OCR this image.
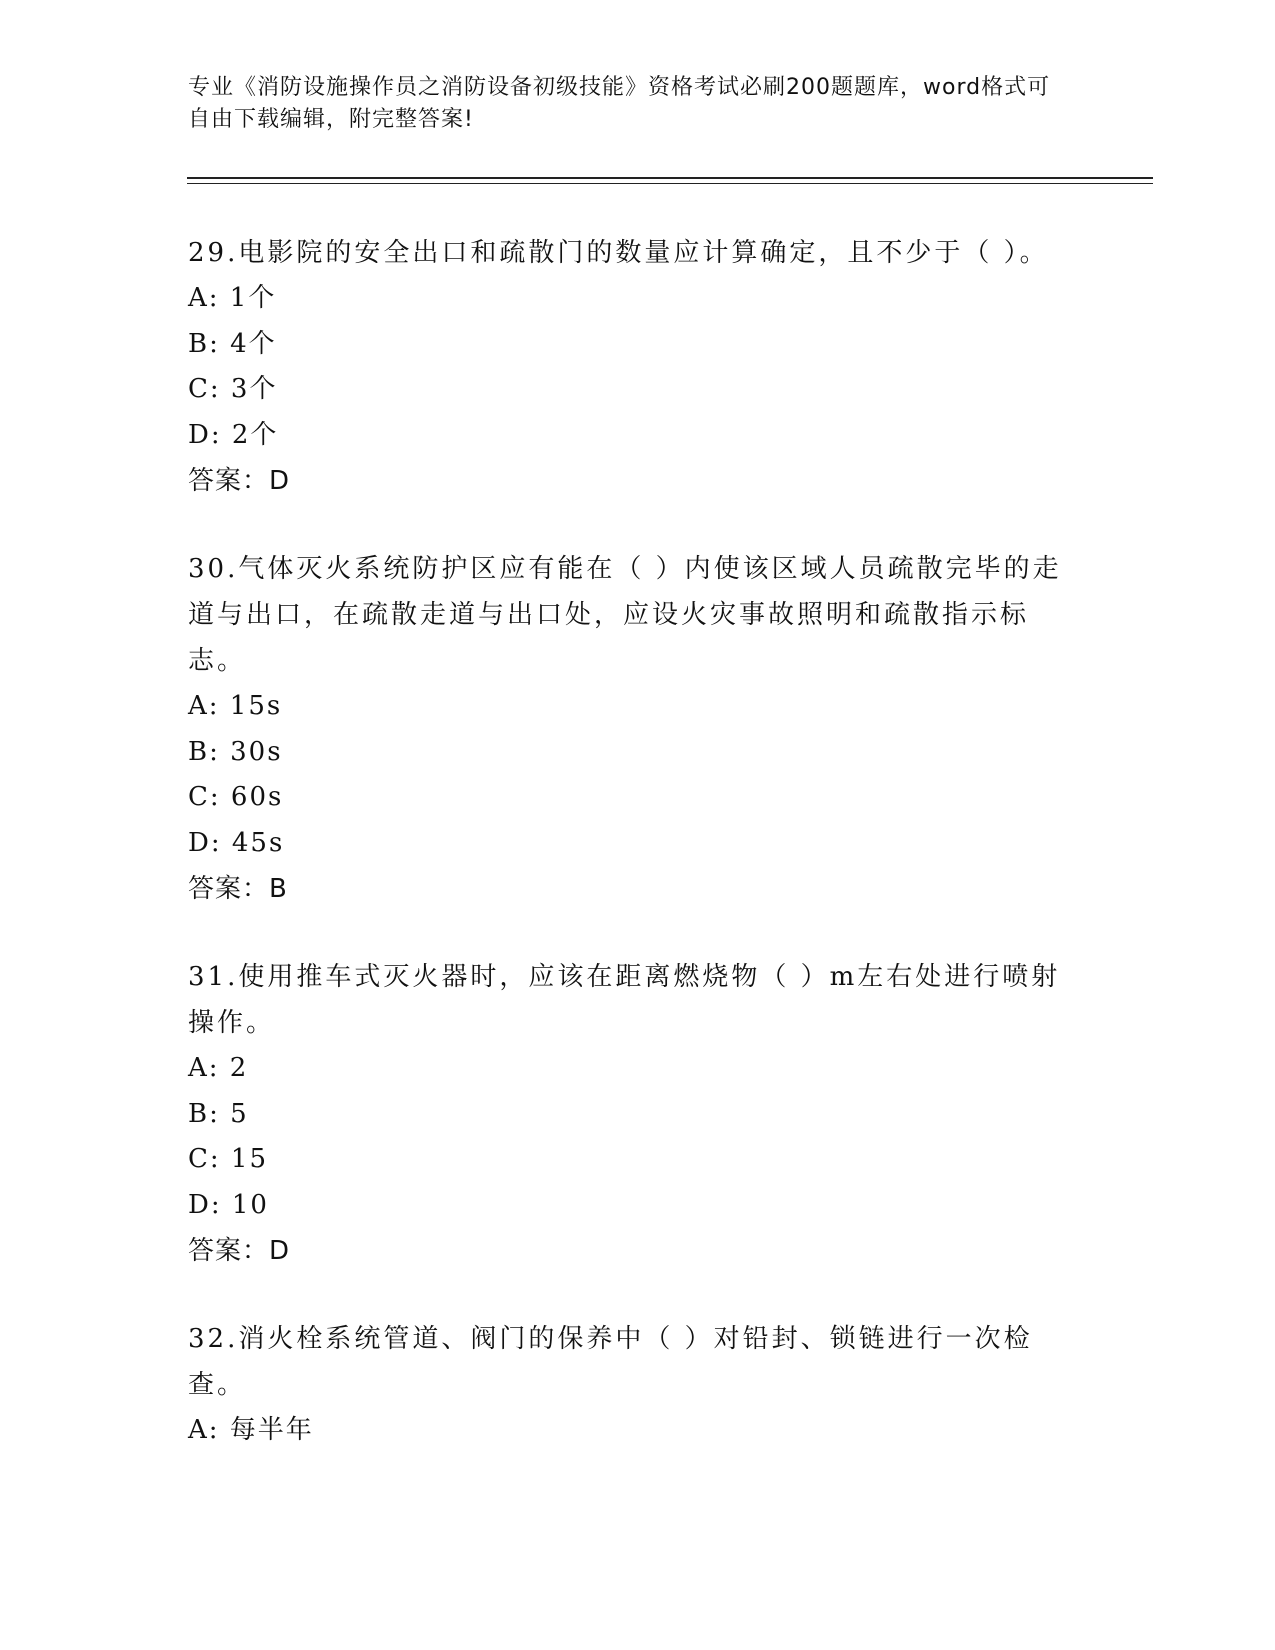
专业《消防设施操作员之消防设备初级技能》资格考试必刷200题题库，word格式可自由下载编辑，附完整答案!
29.电影院的安全出口和疏散门的数量应计算确定，且不少于（ ）。
A: 1个
B: 4个
C: 3个
D: 2个
答案：D
30.气体灭火系统防护区应有能在（ ）内使该区域人员疏散完毕的走道与出口，在疏散走道与出口处，应设火灾事故照明和疏散指示标志。
A: 15s
B: 30s
C: 60s
D: 45s
答案：B
31.使用推车式灭火器时，应该在距离燃烧物（ ）m左右处进行喷射操作。
A: 2
B: 5
C: 15
D: 10
答案：D
32.消火栓系统管道、阀门的保养中（ ）对铅封、锁链进行一次检查。
A: 每半年
